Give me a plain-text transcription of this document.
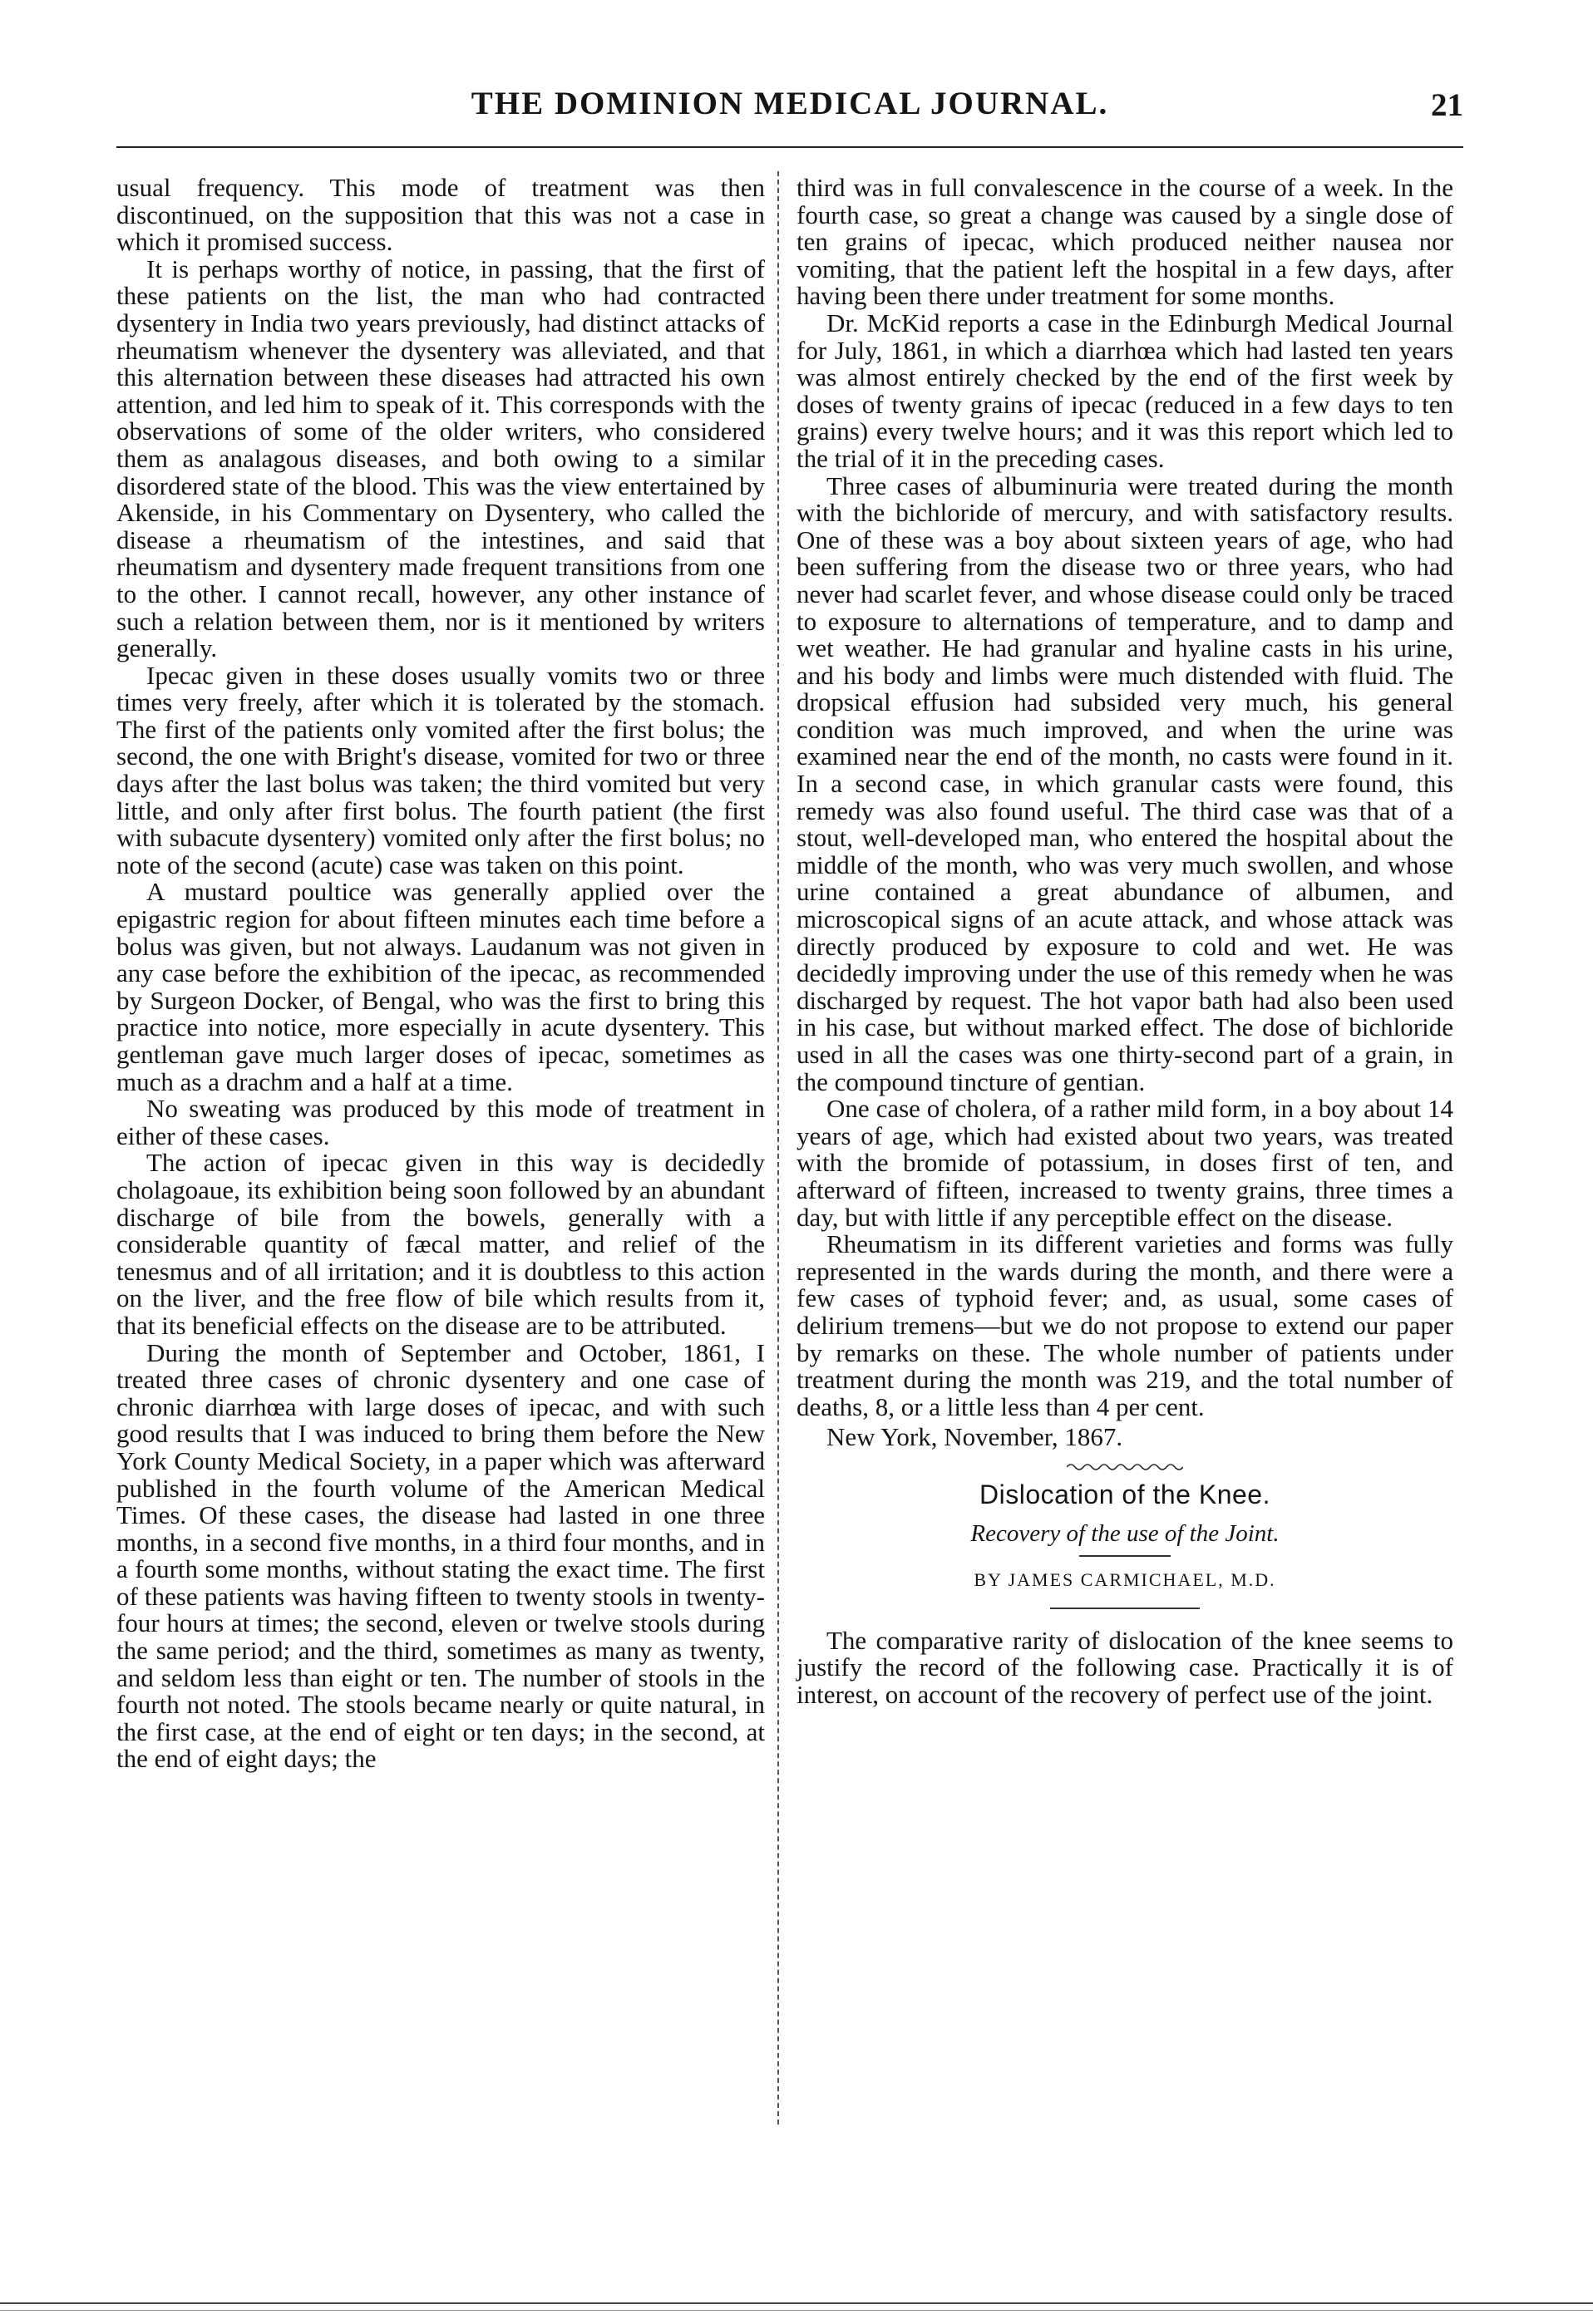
THE DOMINION MEDICAL JOURNAL.	21

usual frequency. This mode of treatment was then discontinued, on the supposition that this was not a case in which it promised success.

It is perhaps worthy of notice, in passing, that the first of these patients on the list, the man who had contracted dysentery in India two years previously, had distinct attacks of rheumatism whenever the dysentery was alleviated, and that this alternation between these diseases had attracted his own attention, and led him to speak of it. This corresponds with the observations of some of the older writers, who considered them as analagous diseases, and both owing to a similar disordered state of the blood. This was the view entertained by Akenside, in his Commentary on Dysentery, who called the disease a rheumatism of the intestines, and said that rheumatism and dysentery made frequent transitions from one to the other. I cannot recall, however, any other instance of such a relation between them, nor is it mentioned by writers generally.

Ipecac given in these doses usually vomits two or three times very freely, after which it is tolerated by the stomach. The first of the patients only vomited after the first bolus; the second, the one with Bright's disease, vomited for two or three days after the last bolus was taken; the third vomited but very little, and only after first bolus. The fourth patient (the first with subacute dysentery) vomited only after the first bolus; no note of the second (acute) case was taken on this point.

A mustard poultice was generally applied over the epigastric region for about fifteen minutes each time before a bolus was given, but not always. Laudanum was not given in any case before the exhibition of the ipecac, as recommended by Surgeon Docker, of Bengal, who was the first to bring this practice into notice, more especially in acute dysentery. This gentleman gave much larger doses of ipecac, sometimes as much as a drachm and a half at a time.

No sweating was produced by this mode of treatment in either of these cases.

The action of ipecac given in this way is decidedly cholagoaue, its exhibition being soon followed by an abundant discharge of bile from the bowels, generally with a considerable quantity of fæcal matter, and relief of the tenesmus and of all irritation; and it is doubtless to this action on the liver, and the free flow of bile which results from it, that its beneficial effects on the disease are to be attributed.

During the month of September and October, 1861, I treated three cases of chronic dysentery and one case of chronic diarrhœa with large doses of ipecac, and with such good results that I was induced to bring them before the New York County Medical Society, in a paper which was afterward published in the fourth volume of the American Medical Times. Of these cases, the disease had lasted in one three months, in a second five months, in a third four months, and in a fourth some months, without stating the exact time. The first of these patients was having fifteen to twenty stools in twenty-four hours at times; the second, eleven or twelve stools during the same period; and the third, sometimes as many as twenty, and seldom less than eight or ten. The number of stools in the fourth not noted. The stools became nearly or quite natural, in the first case, at the end of eight or ten days; in the second, at the end of eight days; the

third was in full convalescence in the course of a week. In the fourth case, so great a change was caused by a single dose of ten grains of ipecac, which produced neither nausea nor vomiting, that the patient left the hospital in a few days, after having been there under treatment for some months.

Dr. McKid reports a case in the Edinburgh Medical Journal for July, 1861, in which a diarrhœa which had lasted ten years was almost entirely checked by the end of the first week by doses of twenty grains of ipecac (reduced in a few days to ten grains) every twelve hours; and it was this report which led to the trial of it in the preceding cases.

Three cases of albuminuria were treated during the month with the bichloride of mercury, and with satisfactory results. One of these was a boy about sixteen years of age, who had been suffering from the disease two or three years, who had never had scarlet fever, and whose disease could only be traced to exposure to alternations of temperature, and to damp and wet weather. He had granular and hyaline casts in his urine, and his body and limbs were much distended with fluid. The dropsical effusion had subsided very much, his general condition was much improved, and when the urine was examined near the end of the month, no casts were found in it. In a second case, in which granular casts were found, this remedy was also found useful. The third case was that of a stout, well-developed man, who entered the hospital about the middle of the month, who was very much swollen, and whose urine contained a great abundance of albumen, and microscopical signs of an acute attack, and whose attack was directly produced by exposure to cold and wet. He was decidedly improving under the use of this remedy when he was discharged by request. The hot vapor bath had also been used in his case, but without marked effect. The dose of bichloride used in all the cases was one thirty-second part of a grain, in the compound tincture of gentian.

One case of cholera, of a rather mild form, in a boy about 14 years of age, which had existed about two years, was treated with the bromide of potassium, in doses first of ten, and afterward of fifteen, increased to twenty grains, three times a day, but with little if any perceptible effect on the disease.

Rheumatism in its different varieties and forms was fully represented in the wards during the month, and there were a few cases of typhoid fever; and, as usual, some cases of delirium tremens—but we do not propose to extend our paper by remarks on these. The whole number of patients under treatment during the month was 219, and the total number of deaths, 8, or a little less than 4 per cent.

New York, November, 1867.

Dislocation of the Knee.
Recovery of the use of the Joint.
BY JAMES CARMICHAEL, M.D.

The comparative rarity of dislocation of the knee seems to justify the record of the following case. Practically it is of interest, on account of the recovery of perfect use of the joint.
